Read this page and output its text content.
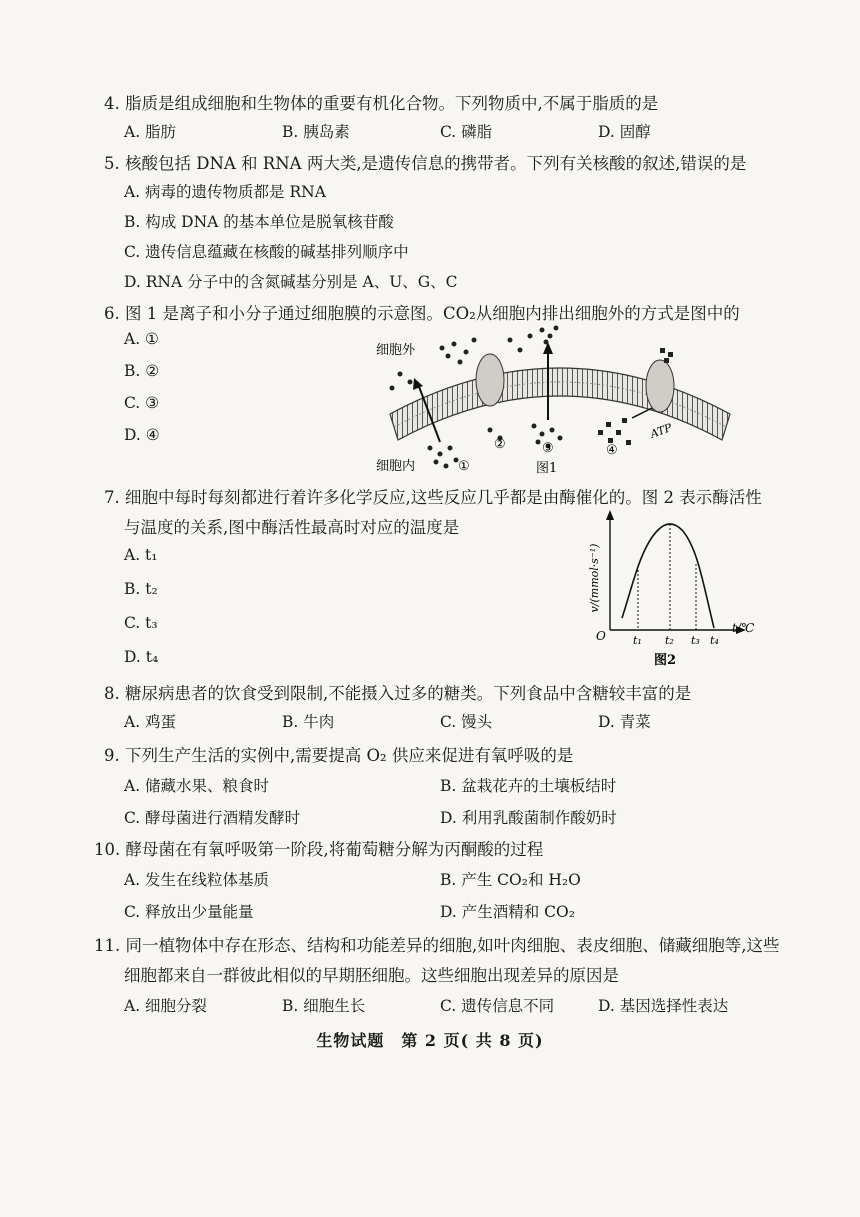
4. 脂质是组成细胞和生物体的重要有机化合物。下列物质中,不属于脂质的是
A. 脂肪	B. 胰岛素	C. 磷脂	D. 固醇
5. 核酸包括 DNA 和 RNA 两大类,是遗传信息的携带者。下列有关核酸的叙述,错误的是
A. 病毒的遗传物质都是 RNA
B. 构成 DNA 的基本单位是脱氧核苷酸
C. 遗传信息蕴藏在核酸的碱基排列顺序中
D. RNA 分子中的含氮碱基分别是 A、U、G、C
6. 图 1 是离子和小分子通过细胞膜的示意图。CO₂从细胞内排出细胞外的方式是图中的
A. ①
B. ②
C. ③
D. ④
细胞外
细胞内	①
②	③	④
ATP
图1
7. 细胞中每时每刻都进行着许多化学反应,这些反应几乎都是由酶催化的。图 2 表示酶活性
与温度的关系,图中酶活性最高时对应的温度是
A. t₁
B. t₂
C. t₃
D. t₄
v/(mmol·s⁻¹)
O
t/℃
t₁ t₂ t₃ t₄
图2
8. 糖尿病患者的饮食受到限制,不能摄入过多的糖类。下列食品中含糖较丰富的是
A. 鸡蛋	B. 牛肉	C. 馒头	D. 青菜
9. 下列生产生活的实例中,需要提高 O₂ 供应来促进有氧呼吸的是
A. 储藏水果、粮食时	B. 盆栽花卉的土壤板结时
C. 酵母菌进行酒精发酵时	D. 利用乳酸菌制作酸奶时
10. 酵母菌在有氧呼吸第一阶段,将葡萄糖分解为丙酮酸的过程
A. 发生在线粒体基质	B. 产生 CO₂和 H₂O
C. 释放出少量能量	D. 产生酒精和 CO₂
11. 同一植物体中存在形态、结构和功能差异的细胞,如叶肉细胞、表皮细胞、储藏细胞等,这些
细胞都来自一群彼此相似的早期胚细胞。这些细胞出现差异的原因是
A. 细胞分裂	B. 细胞生长	C. 遗传信息不同	D. 基因选择性表达
生物试题　第 2 页( 共 8 页)
